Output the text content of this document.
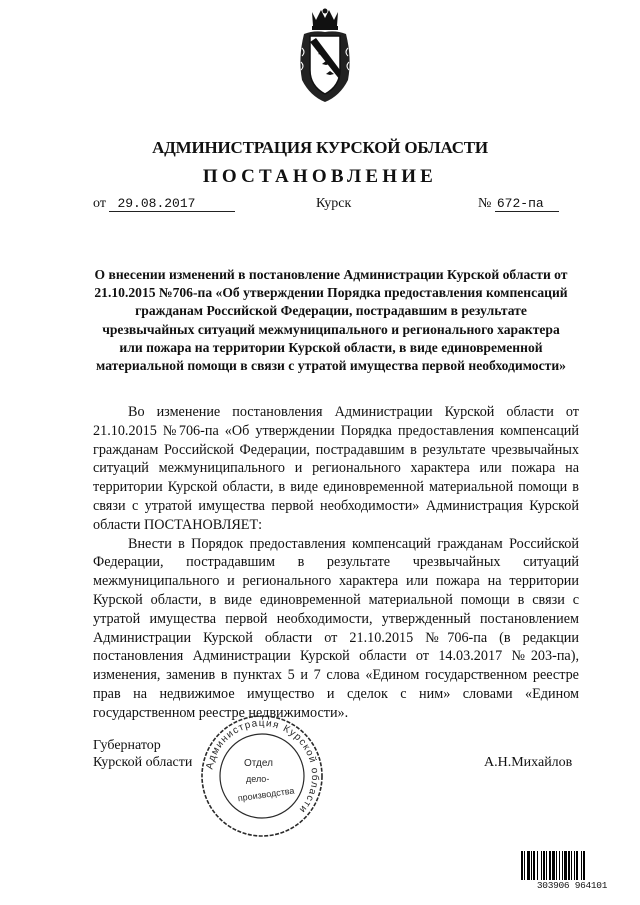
АДМИНИСТРАЦИЯ КУРСКОЙ ОБЛАСТИ
ПОСТАНОВЛЕНИЕ
от 29.08.2017	Курск	№ 672-па
О внесении изменений в постановление Администрации Курской области от 21.10.2015 №706-па «Об утверждении Порядка предоставления компенсаций гражданам Российской Федерации, пострадавшим в результате чрезвычайных ситуаций межмуниципального и регионального характера или пожара на территории Курской области, в виде единовременной материальной помощи в связи с утратой имущества первой необходимости»

Во изменение постановления Администрации Курской области от 21.10.2015 №706-па «Об утверждении Порядка предоставления компенсаций гражданам Российской Федерации, пострадавшим в результате чрезвычайных ситуаций межмуниципального и регионального характера или пожара на территории Курской области, в виде единовременной материальной помощи в связи с утратой имущества первой необходимости» Администрация Курской области ПОСТАНОВЛЯЕТ:

Внести в Порядок предоставления компенсаций гражданам Российской Федерации, пострадавшим в результате чрезвычайных ситуаций межмуниципального и регионального характера или пожара на территории Курской области, в виде единовременной материальной помощи в связи с утратой имущества первой необходимости, утвержденный постановлением Администрации Курской области от 21.10.2015 №706-па (в редакции постановления Администрации Курской области от 14.03.2017 №203-па), изменения, заменив в пунктах 5 и 7 слова «Едином государственном реестре прав на недвижимое имущество и сделок с ним» словами «Едином государственном реестре недвижимости».

Губернатор
Курской области	А.Н.Михайлов
Администрация Курской области
Отдел
дело-
производства
303906 964101
